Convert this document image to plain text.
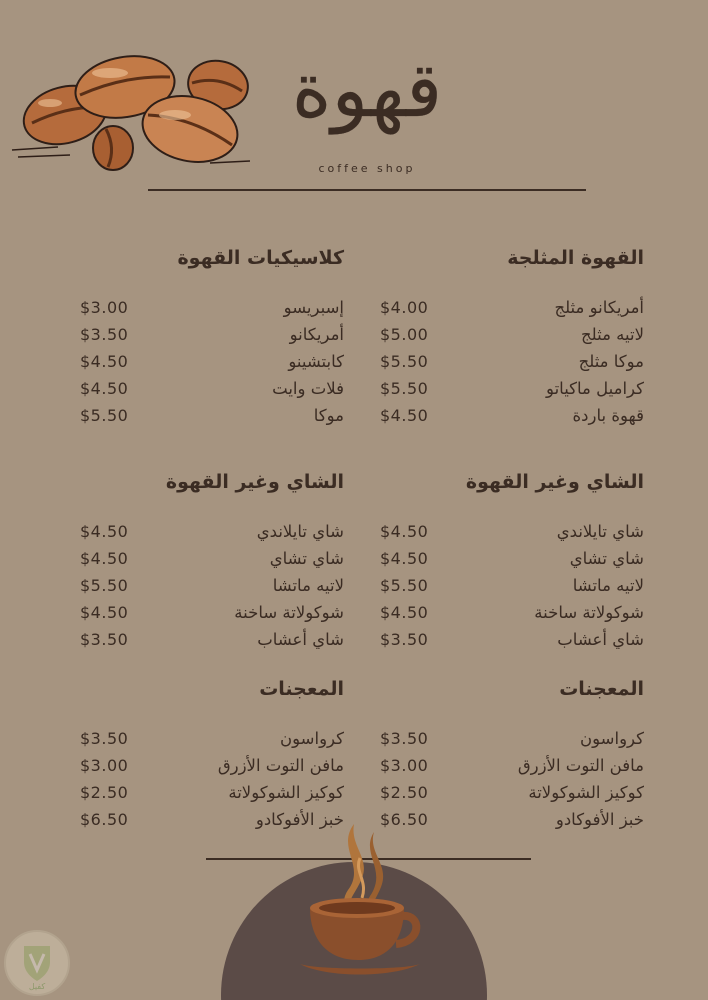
قهوة
coffee shop
القهوة المثلجة
أمريكانو مثلج
$4.00
لاتيه مثلج
$5.00
موكا مثلج
$5.50
كراميل ماكياتو
$5.50
قهوة باردة
$4.50
كلاسيكيات القهوة
إسبريسو
$3.00
أمريكانو
$3.50
كابتشينو
$4.50
فلات وايت
$4.50
موكا
$5.50
الشاي وغير القهوة
شاي تايلاندي
$4.50
شاي تشاي
$4.50
لاتيه ماتشا
$5.50
شوكولاتة ساخنة
$4.50
شاي أعشاب
$3.50
الشاي وغير القهوة
شاي تايلاندي
$4.50
شاي تشاي
$4.50
لاتيه ماتشا
$5.50
شوكولاتة ساخنة
$4.50
شاي أعشاب
$3.50
المعجنات
كرواسون
$3.50
مافن التوت الأزرق
$3.00
كوكيز الشوكولاتة
$2.50
خبز الأفوكادو
$6.50
المعجنات
كرواسون
$3.50
مافن التوت الأزرق
$3.00
كوكيز الشوكولاتة
$2.50
خبز الأفوكادو
$6.50
كفيل
